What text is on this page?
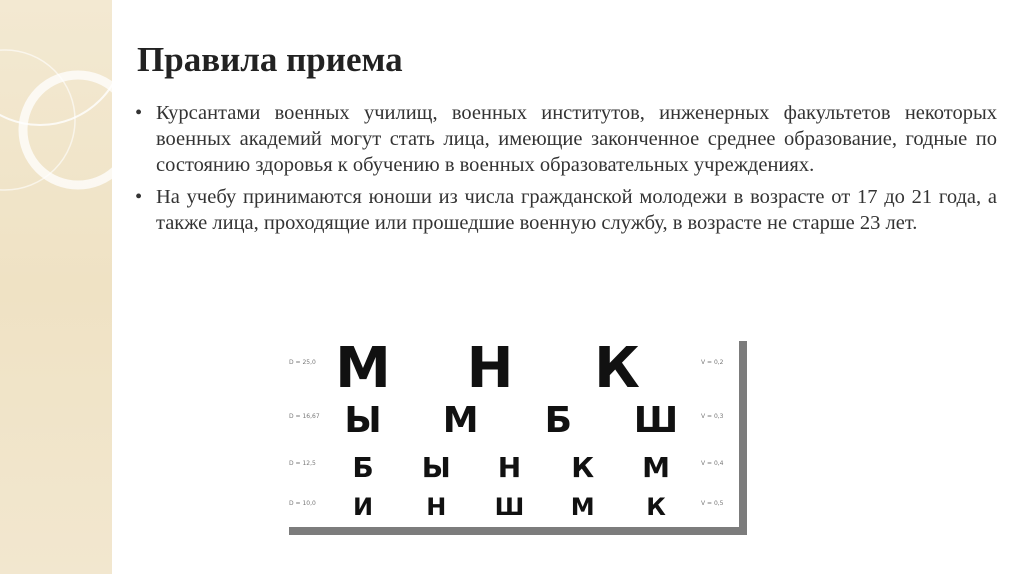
Правила приема
• Курсантами военных училищ, военных институтов, инженерных факультетов некоторых военных академий могут стать лица, имеющие законченное среднее образование, годные по состоянию здоровья к обучению в военных образовательных учреждениях.
• На учебу принимаются юноши из числа гражданской молодежи в возрасте от 17 до 21 года, а также лица, проходящие или прошедшие военную службу, в возрасте не старше 23 лет.
D = 25,0 М Н К	V = 0,2
D = 16,67 Ы М Б Ш	V = 0,3
D = 12,5 Б Ы Н К М	V = 0,4
D = 10,0 И Н Ш М К	V = 0,5
